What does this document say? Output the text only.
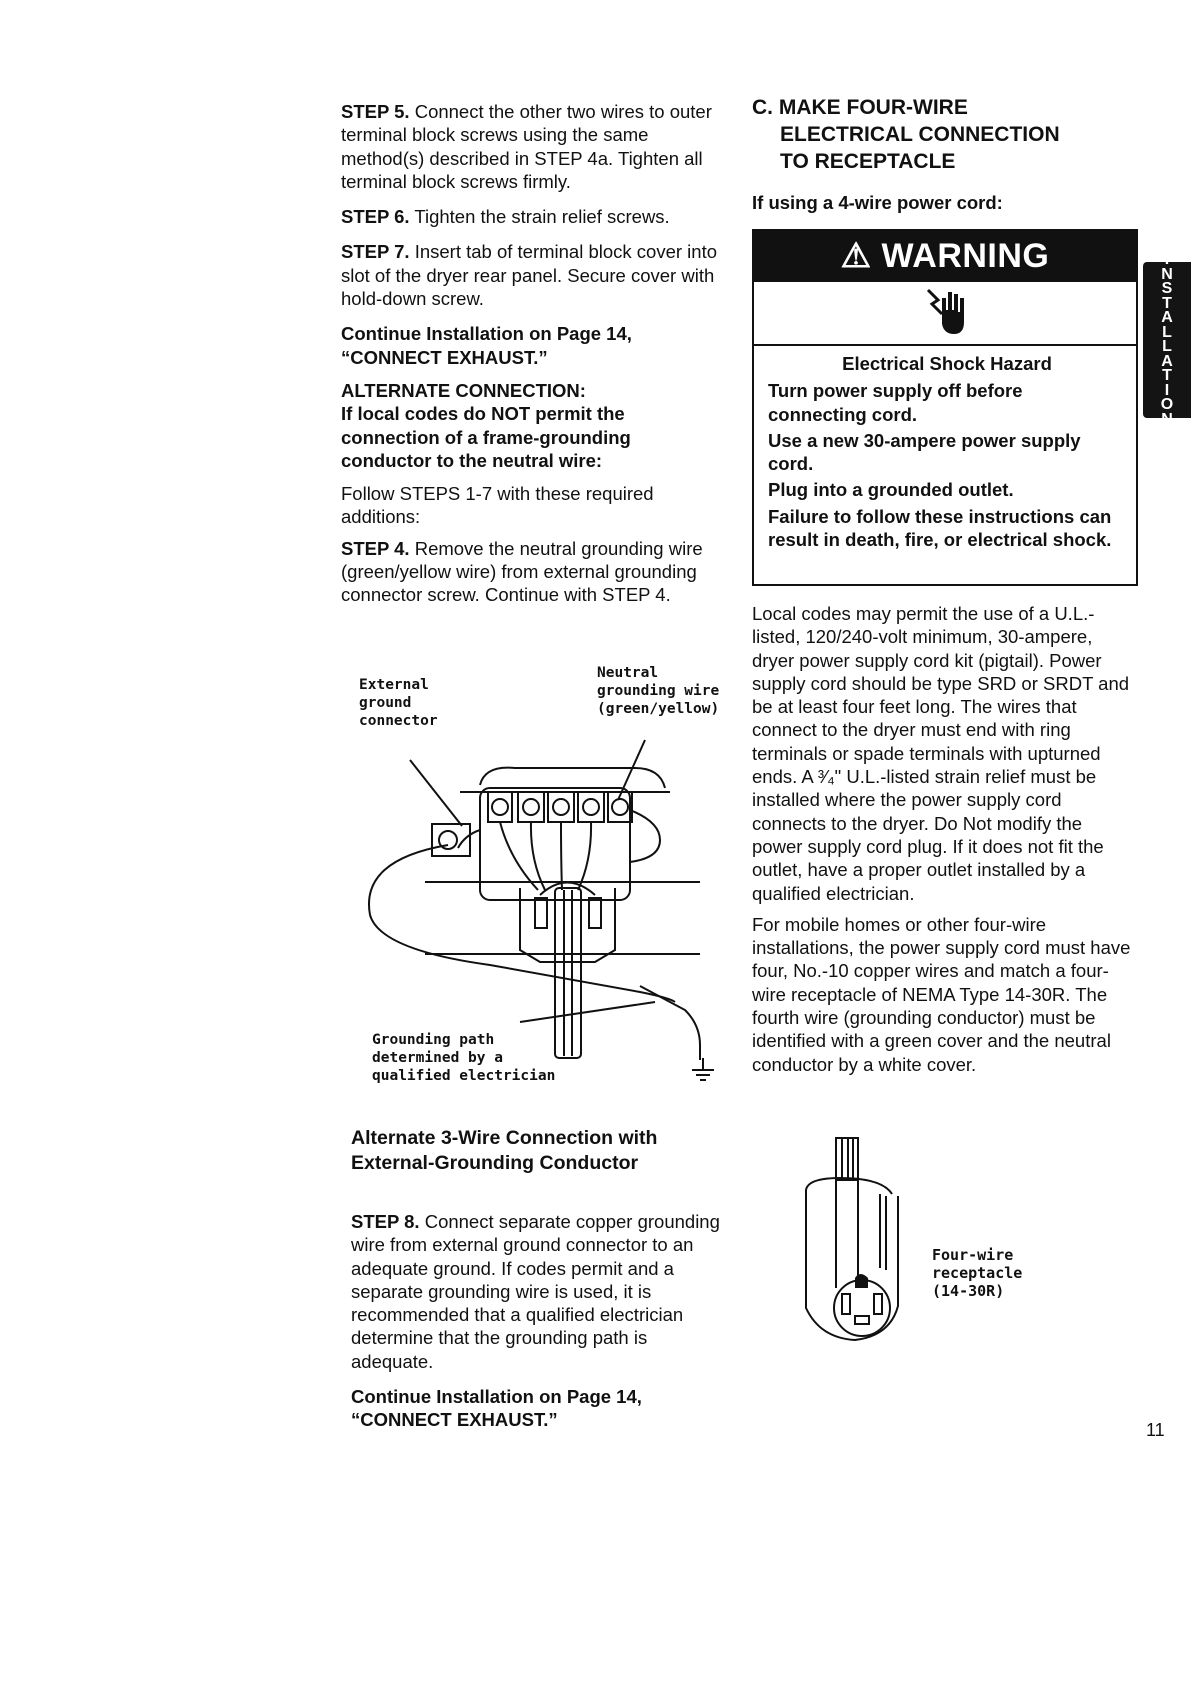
STEP 5. Connect the other two wires to outer terminal block screws using the same method(s) described in STEP 4a. Tighten all terminal block screws firmly.

STEP 6. Tighten the strain relief screws.

STEP 7. Insert tab of terminal block cover into slot of the dryer rear panel. Secure cover with hold-down screw.

Continue Installation on Page 14, “CONNECT EXHAUST.”

ALTERNATE CONNECTION:

If local codes do NOT permit the connection of a frame-grounding conductor to the neutral wire:

Follow STEPS 1-7 with these required additions:

STEP 4. Remove the neutral grounding wire (green/yellow wire) from external grounding connector screw. Continue with STEP 4.

External
ground
connector
Neutral
grounding wire
(green/yellow)
Grounding path
determined by a
qualified electrician

Alternate 3-Wire Connection with External-Grounding Conductor

STEP 8. Connect separate copper grounding wire from external ground connector to an adequate ground. If codes permit and a separate grounding wire is used, it is recommended that a qualified electrician determine that the grounding path is adequate.

Continue Installation on Page 14, “CONNECT EXHAUST.”

C. MAKE FOUR-WIRE
ELECTRICAL CONNECTION
TO RECEPTACLE

If using a 4-wire power cord:

⚠ WARNING

Electrical Shock Hazard

Turn power supply off before connecting cord.

Use a new 30-ampere power supply cord.

Plug into a grounded outlet.

Failure to follow these instructions can result in death, fire, or electrical shock.

Local codes may permit the use of a U.L.-listed, 120/240-volt minimum, 30-ampere, dryer power supply cord kit (pigtail). Power supply cord should be type SRD or SRDT and be at least four feet long. The wires that connect to the dryer must end with ring terminals or spade terminals with upturned ends. A ³⁄₄" U.L.-listed strain relief must be installed where the power supply cord connects to the dryer. Do Not modify the power supply cord plug. If it does not fit the outlet, have a proper outlet installed by a qualified electrician.

For mobile homes or other four-wire installations, the power supply cord must have four, No.-10 copper wires and match a four-wire receptacle of NEMA Type 14-30R. The fourth wire (grounding conductor) must be identified with a green cover and the neutral conductor by a white cover.

Four-wire
receptacle
(14-30R)
I
N
S
T
A
L
L
A
T
I
O
N
11
